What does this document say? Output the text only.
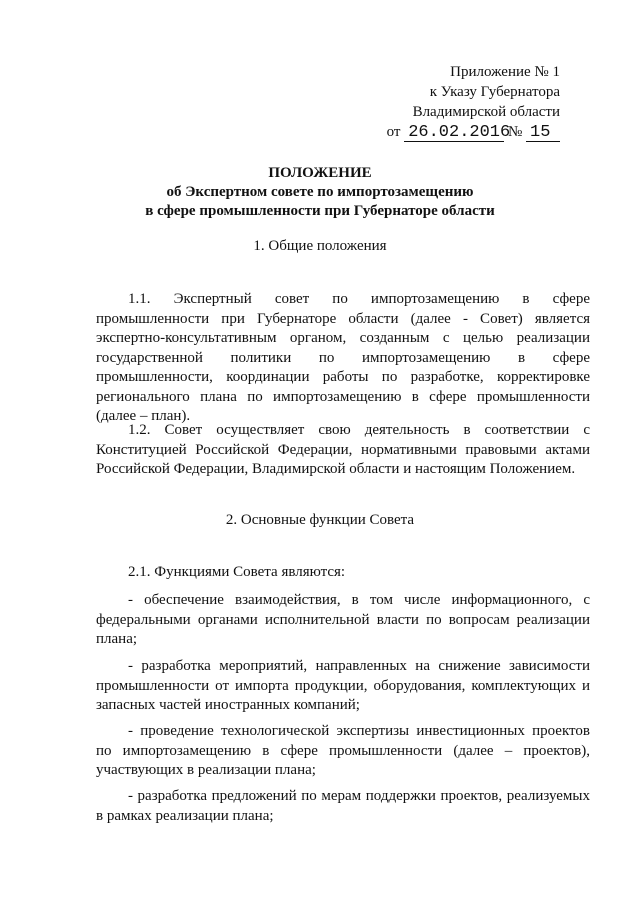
Приложение № 1
к Указу Губернатора
Владимирской области
от 26.02.2016 № 15
ПОЛОЖЕНИЕ
об Экспертном совете по импортозамещению
в сфере промышленности при Губернаторе области
1. Общие положения

1.1. Экспертный совет по импортозамещению в сфере промышленности при Губернаторе области (далее - Совет) является экспертно-консультативным органом, созданным с целью реализации государственной политики по импортозамещению в сфере промышленности, координации работы по разработке, корректировке регионального плана по импортозамещению в сфере промышленности (далее – план).

1.2. Совет осуществляет свою деятельность в соответствии с Конституцией Российской Федерации, нормативными правовыми актами Российской Федерации, Владимирской области и настоящим Положением.

2. Основные функции Совета

2.1. Функциями Совета являются:

- обеспечение взаимодействия, в том числе информационного, с федеральными органами исполнительной власти по вопросам реализации плана;

- разработка мероприятий, направленных на снижение зависимости промышленности от импорта продукции, оборудования, комплектующих и запасных частей иностранных компаний;

- проведение технологической экспертизы инвестиционных проектов по импортозамещению в сфере промышленности (далее – проектов), участвующих в реализации плана;

- разработка предложений по мерам поддержки проектов, реализуемых в рамках реализации плана;
